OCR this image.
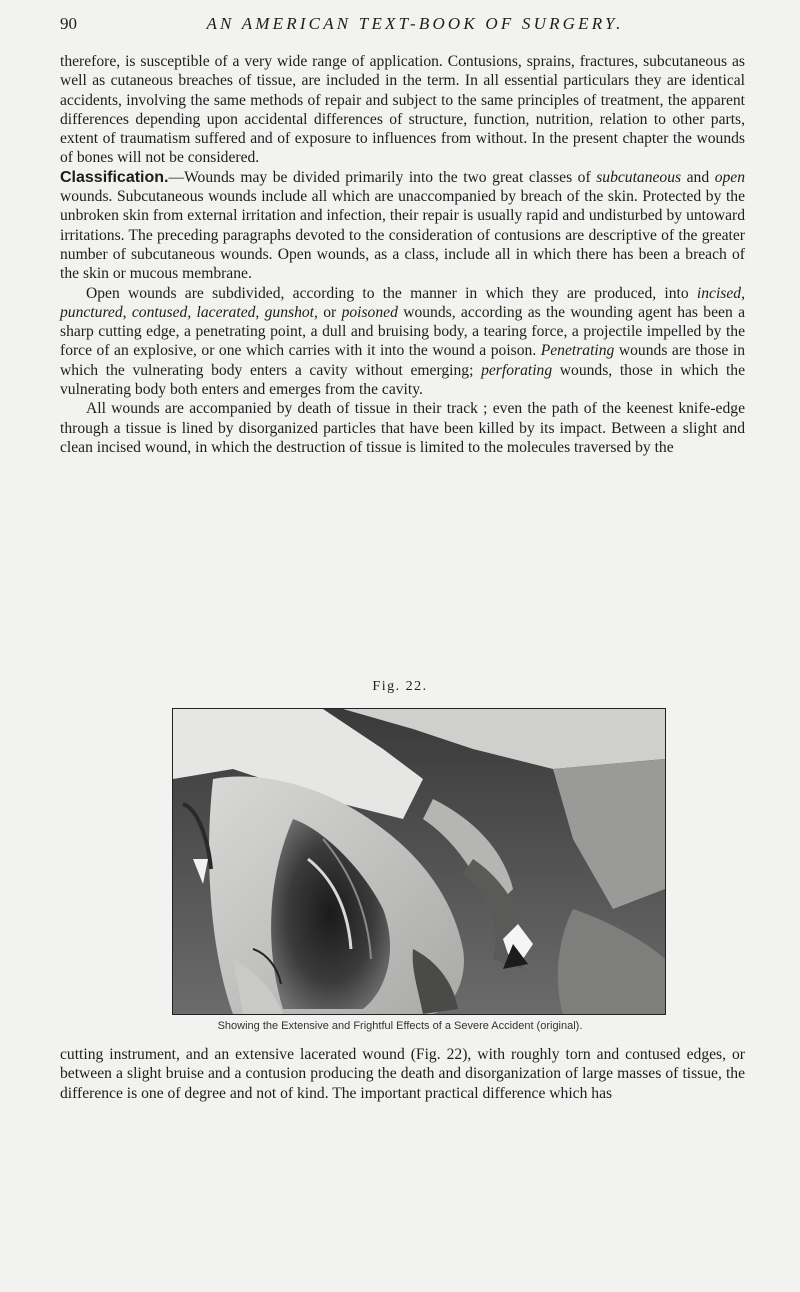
90	AN AMERICAN TEXT-BOOK OF SURGERY.

therefore, is susceptible of a very wide range of application. Contusions, sprains, fractures, subcutaneous as well as cutaneous breaches of tissue, are included in the term. In all essential particulars they are identical accidents, involving the same methods of repair and subject to the same principles of treatment, the apparent differences depending upon accidental differences of structure, function, nutrition, relation to other parts, extent of traumatism suffered and of exposure to influences from without. In the present chapter the wounds of bones will not be considered.

Classification.—Wounds may be divided primarily into the two great classes of subcutaneous and open wounds. Subcutaneous wounds include all which are unaccompanied by breach of the skin. Protected by the unbroken skin from external irritation and infection, their repair is usually rapid and undisturbed by untoward irritations. The preceding paragraphs devoted to the consideration of contusions are descriptive of the greater number of subcutaneous wounds. Open wounds, as a class, include all in which there has been a breach of the skin or mucous membrane.

Open wounds are subdivided, according to the manner in which they are produced, into incised, punctured, contused, lacerated, gunshot, or poisoned wounds, according as the wounding agent has been a sharp cutting edge, a penetrating point, a dull and bruising body, a tearing force, a projectile impelled by the force of an explosive, or one which carries with it into the wound a poison. Penetrating wounds are those in which the vulnerating body enters a cavity without emerging; perforating wounds, those in which the vulnerating body both enters and emerges from the cavity.

All wounds are accompanied by death of tissue in their track ; even the path of the keenest knife-edge through a tissue is lined by disorganized particles that have been killed by its impact. Between a slight and clean incised wound, in which the destruction of tissue is limited to the molecules traversed by the

Fig. 22.
Showing the Extensive and Frightful Effects of a Severe Accident (original).

cutting instrument, and an extensive lacerated wound (Fig. 22), with roughly torn and contused edges, or between a slight bruise and a contusion producing the death and disorganization of large masses of tissue, the difference is one of degree and not of kind. The important practical difference which has
